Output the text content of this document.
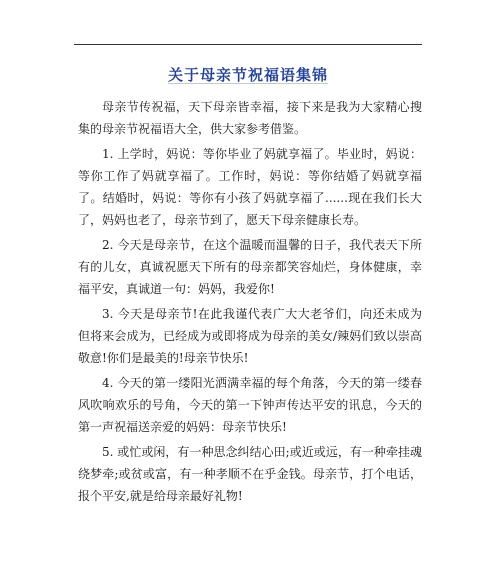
关于母亲节祝福语集锦

母亲节传祝福，天下母亲皆幸福，接下来是我为大家精心搜集的母亲节祝福语大全，供大家参考借鉴。

1. 上学时，妈说：等你毕业了妈就享福了。毕业时，妈说：等你工作了妈就享福了。工作时，妈说：等你结婚了妈就享福了。结婚时，妈说：等你有小孩了妈就享福了......现在我们长大了，妈妈也老了，母亲节到了，愿天下母亲健康长寿。

2. 今天是母亲节，在这个温暖而温馨的日子，我代表天下所有的儿女，真诚祝愿天下所有的母亲都笑容灿烂，身体健康，幸福平安，真诚道一句：妈妈，我爱你!

3. 今天是母亲节!在此我谨代表广大大老爷们，向还未成为但将来会成为，已经成为或即将成为母亲的美女/辣妈们致以崇高敬意!你们是最美的!母亲节快乐!

4. 今天的第一缕阳光洒满幸福的每个角落，今天的第一缕春风吹响欢乐的号角，今天的第一下钟声传达平安的讯息，今天的第一声祝福送亲爱的妈妈：母亲节快乐!

5. 或忙或闲，有一种思念纠结心田;或近或远，有一种牵挂魂绕梦牵;或贫或富，有一种孝顺不在乎金钱。母亲节，打个电话，报个平安,就是给母亲最好礼物!
